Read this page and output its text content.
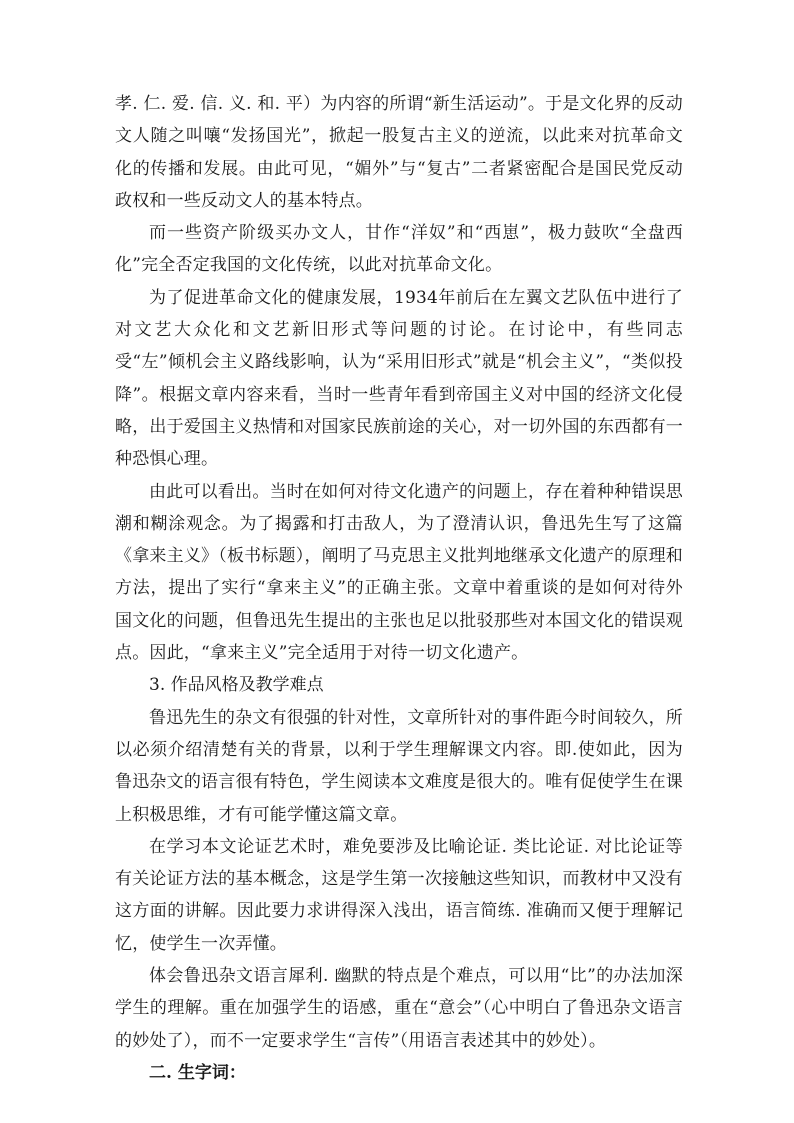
孝. 仁. 爱. 信. 义. 和. 平）为内容的所谓“新生活运动”。于是文化界的反动文人随之叫嚷“发扬国光”，掀起一股复古主义的逆流，以此来对抗革命文化的传播和发展。由此可见，“媚外”与“复古”二者紧密配合是国民党反动政权和一些反动文人的基本特点。

而一些资产阶级买办文人，甘作“洋奴”和“西崽”，极力鼓吹“全盘西化”完全否定我国的文化传统，以此对抗革命文化。

为了促进革命文化的健康发展，1934年前后在左翼文艺队伍中进行了对文艺大众化和文艺新旧形式等问题的讨论。在讨论中，有些同志受“左”倾机会主义路线影响，认为“采用旧形式”就是“机会主义”，“类似投降”。根据文章内容来看，当时一些青年看到帝国主义对中国的经济文化侵略，出于爱国主义热情和对国家民族前途的关心，对一切外国的东西都有一种恐惧心理。

由此可以看出。当时在如何对待文化遗产的问题上，存在着种种错误思潮和糊涂观念。为了揭露和打击敌人，为了澄清认识，鲁迅先生写了这篇《拿来主义》（板书标题），阐明了马克思主义批判地继承文化遗产的原理和方法，提出了实行“拿来主义”的正确主张。文章中着重谈的是如何对待外国文化的问题，但鲁迅先生提出的主张也足以批驳那些对本国文化的错误观点。因此，“拿来主义”完全适用于对待一切文化遗产。

3. 作品风格及教学难点

鲁迅先生的杂文有很强的针对性，文章所针对的事件距今时间较久，所以必须介绍清楚有关的背景，以利于学生理解课文内容。即.使如此，因为鲁迅杂文的语言很有特色，学生阅读本文难度是很大的。唯有促使学生在课上积极思维，才有可能学懂这篇文章。

在学习本文论证艺术时，难免要涉及比喻论证. 类比论证. 对比论证等有关论证方法的基本概念，这是学生第一次接触这些知识，而教材中又没有这方面的讲解。因此要力求讲得深入浅出，语言简练. 准确而又便于理解记忆，使学生一次弄懂。

体会鲁迅杂文语言犀利. 幽默的特点是个难点，可以用“比”的办法加深学生的理解。重在加强学生的语感，重在“意会”（心中明白了鲁迅杂文语言的妙处了），而不一定要求学生“言传”（用语言表述其中的妙处）。

二. 生字词：
